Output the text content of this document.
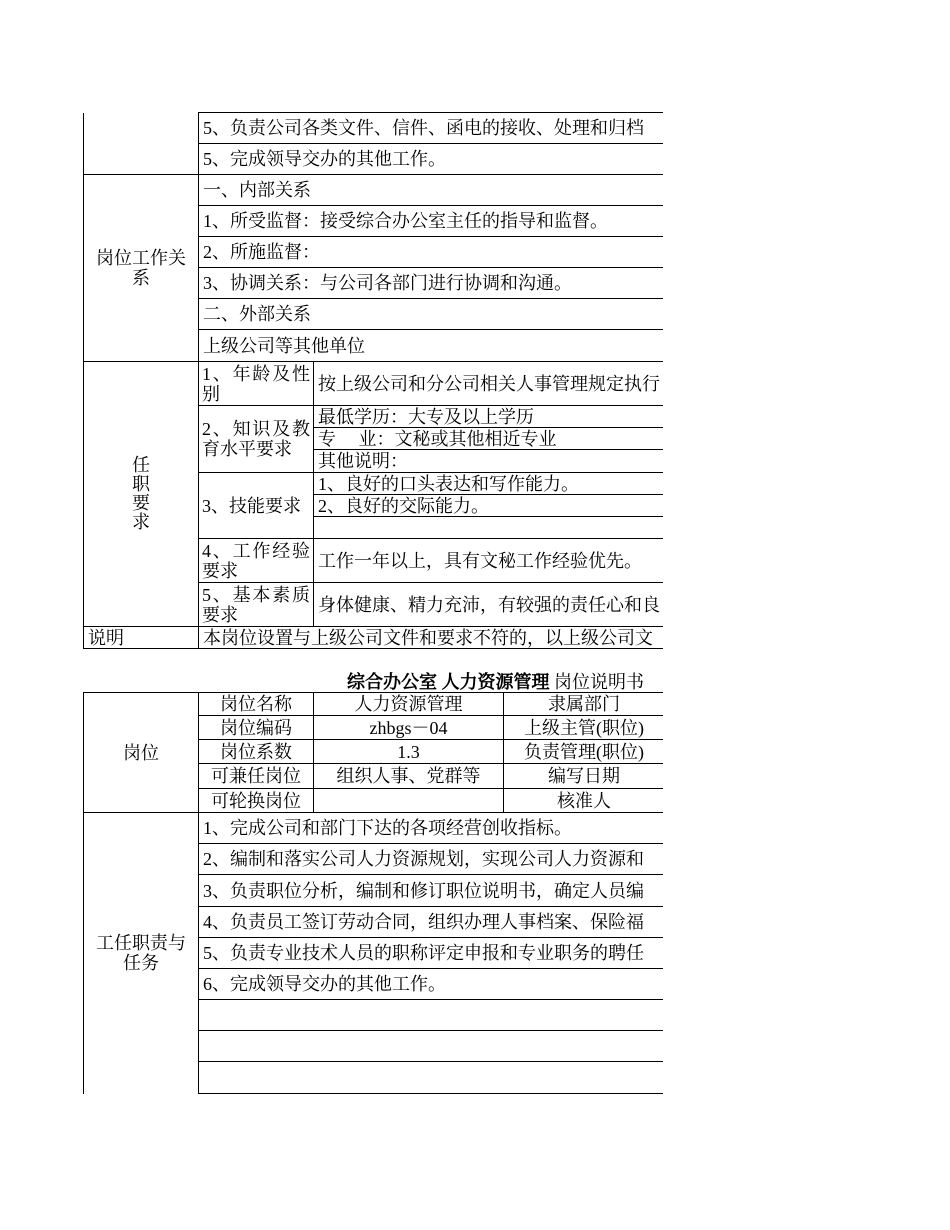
	5、负责公司各类文件、信件、函电的接收、处理和归档	
	5、完成领导交办的其他工作。	
岗位工作关系	一、内部关系	
	1、所受监督：接受综合办公室主任的指导和监督。	
	2、所施监督：	
	3、协调关系：与公司各部门进行协调和沟通。	
	二、外部关系	
	上级公司等其他单位	
任职要求	1、年龄及性别	按上级公司和分公司相关人事管理规定执行
	2、知识及教育水平要求	最低学历：大专及以上学历
		专　 业：文秘或其他相近专业
		其他说明：
	3、技能要求	1、良好的口头表达和写作能力。
		2、良好的交际能力。

	4、工作经验要求	工作一年以上，具有文秘工作经验优先。
	5、基本素质要求	身体健康、精力充沛，有较强的责任心和良
说明	本岗位设置与上级公司文件和要求不符的，以上级公司文	
综合办公室 人力资源管理 岗位说明书
岗位	岗位名称	人力资源管理	隶属部门	
	岗位编码	zhbgs－04	上级主管(职位)	
	岗位系数	1.3	负责管理(职位)	
	可兼任岗位	组织人事、党群等	编写日期	
	可轮换岗位		核准人	
工任职责与任务	1、完成公司和部门下达的各项经营创收指标。			
	2、编制和落实公司人力资源规划，实现公司人力资源和			
	3、负责职位分析，编制和修订职位说明书，确定人员编			
	4、负责员工签订劳动合同，组织办理人事档案、保险福			
	5、负责专业技术人员的职称评定申报和专业职务的聘任			
	6、完成领导交办的其他工作。			
